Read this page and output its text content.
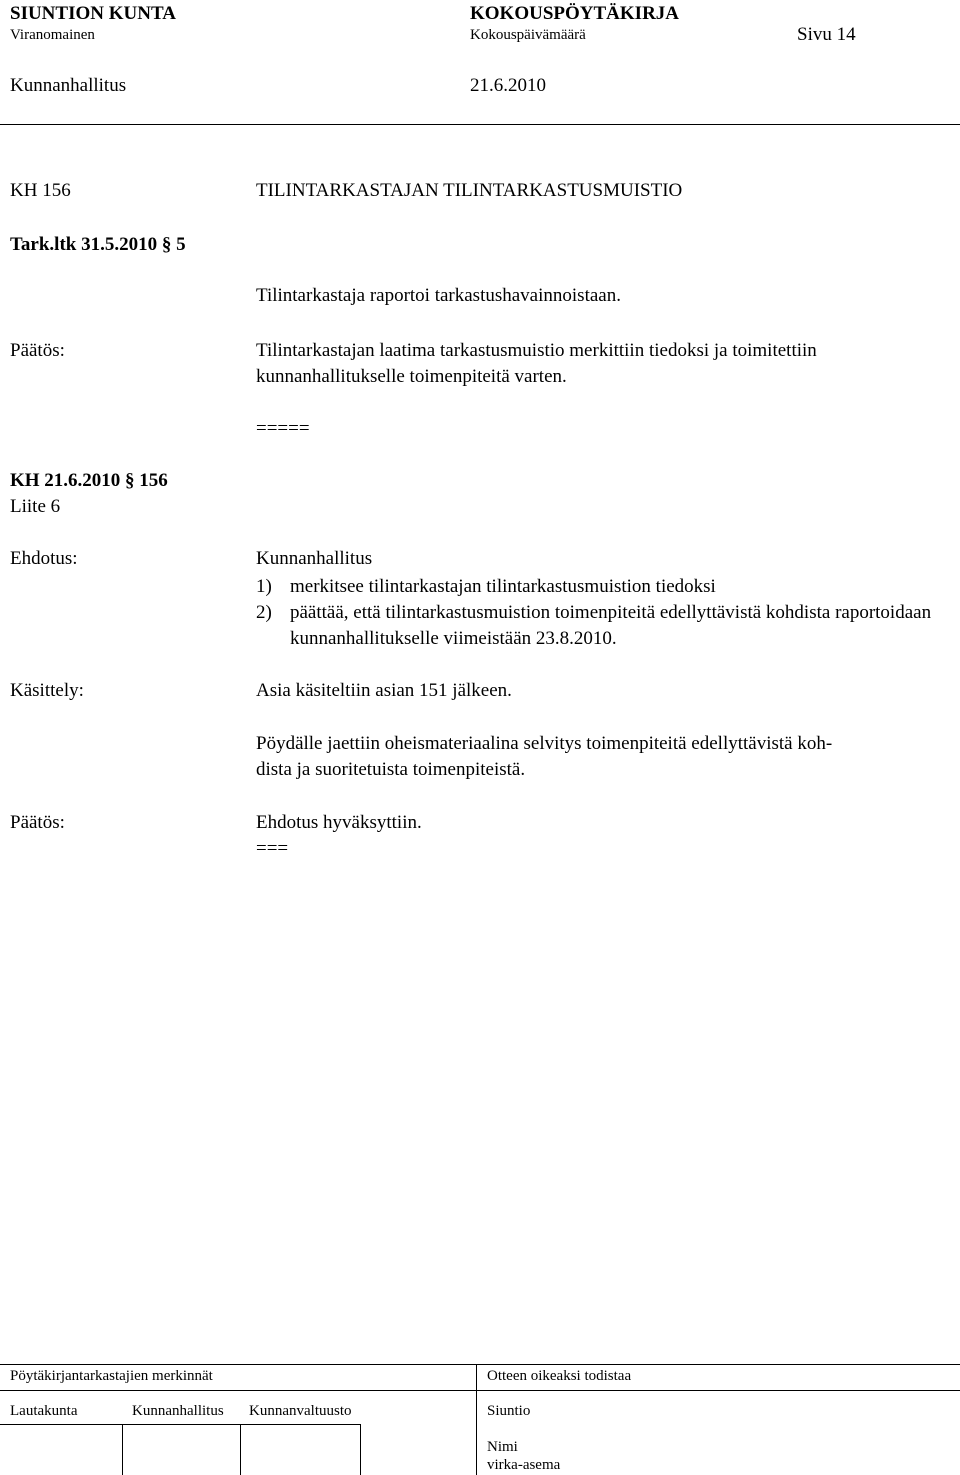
SIUNTION KUNTA	KOKOUSPÖYTÄKIRJA
Viranomainen	Kokouspäivämäärä	Sivu 14
Kunnanhallitus	21.6.2010
KH 156	TILINTARKASTAJAN TILINTARKASTUSMUISTIO
Tark.ltk 31.5.2010 § 5
Tilintarkastaja raportoi tarkastushavainnoistaan.
Päätös:	Tilintarkastajan laatima tarkastusmuistio merkittiin tiedoksi ja toimitettiin
kunnanhallitukselle toimenpiteitä varten.
=====
KH 21.6.2010 § 156
Liite 6
Ehdotus:	Kunnanhallitus
1) merkitsee tilintarkastajan tilintarkastusmuistion tiedoksi
2) päättää, että tilintarkastusmuistion toimenpiteitä edellyttävistä kohdista raportoidaan kunnanhallitukselle viimeistään 23.8.2010.
Käsittely:	Asia käsiteltiin asian 151 jälkeen.
Pöydälle jaettiin oheismateriaalina selvitys toimenpiteitä edellyttävistä koh-
dista ja suoritetuista toimenpiteistä.
Päätös:	Ehdotus hyväksyttiin.
===
Pöytäkirjantarkastajien merkinnät	Otteen oikeaksi todistaa
Lautakunta	Kunnanhallitus Kunnanvaltuusto	Siuntio
Nimi
virka-asema
